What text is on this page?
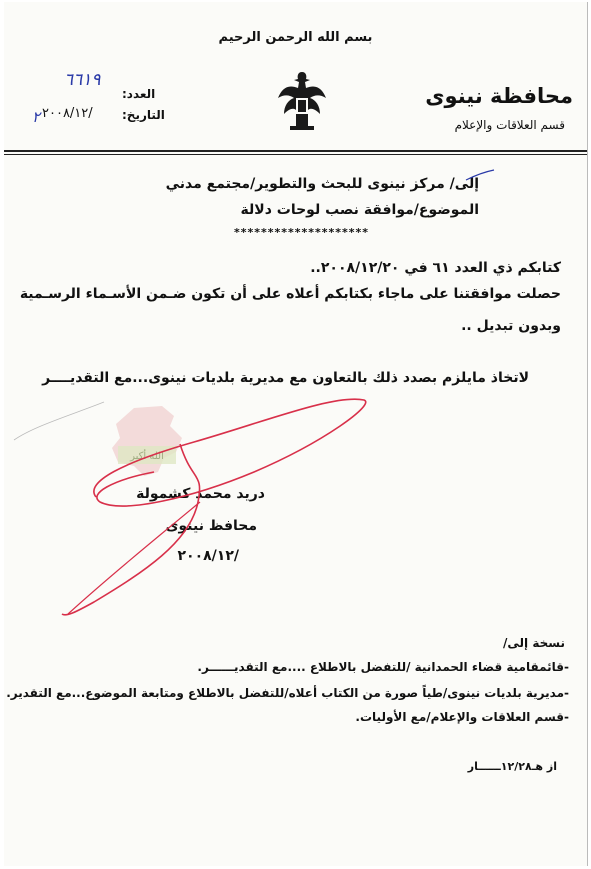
بسم الله الرحمن الرحيم
محافظة نينوى
قسم العلاقات والإعلام
العدد:
٦٦١٩
التاريخ:
٢٠٠٨/١٢/
٢
إلى/ مركز نينوى للبحث والتطوير/مجتمع مدني
الموضوع/موافقة نصب لوحات دلالة
********************
كتابكم ذي العدد ٦١ في ٢٠٠٨/١٢/٢٠..
حصلت موافقتنا على ماجاء بكتابكم أعلاه على أن تكون ضـمن الأسـماء الرسـمية
وبدون تبديل ..
لاتخاذ مايلزم بصدد ذلك بالتعاون مع مديرية بلديات نينوى...مع التقديــــر
الله أكبر
دريد محمد كشمولة
محافظ نينوى
/٢٠٠٨/١٢
نسخة إلى/
-قائمقامية قضاء الحمدانية /للتفضل بالاطلاع ....مع التقديــــــر.
-مديرية بلديات نينوى/طياً صورة من الكتاب أعلاه/للتفضل بالاطلاع ومتابعة الموضوع...مع التقدير.
-قسم العلاقات والإعلام/مع الأوليات.
از هـ١٢/٢٨ــــــار
